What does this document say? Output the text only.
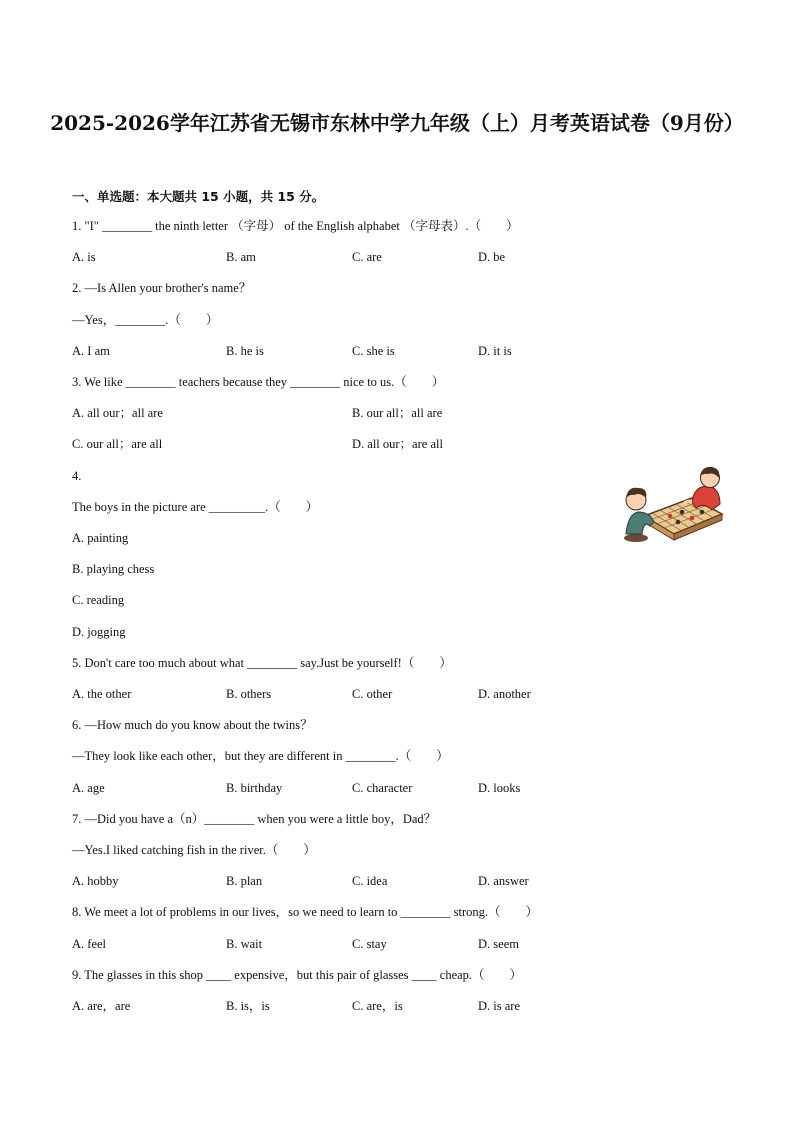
2025-2026学年江苏省无锡市东林中学九年级（上）月考英语试卷（9月份）
一、单选题：本大题共 15 小题，共 15 分。
1. "I" ________ the ninth letter （字母） of the English alphabet （字母表）.（　　）
A. is	B. am	C. are	D. be
2. —Is Allen your brother's name？
—Yes，________.（　　）
A. I am	B. he is	C. she is	D. it is
3. We like ________ teachers because they ________ nice to us.（　　）
A. all our；all are	B. our all；all are
C. our all；are all	D. all our；are all
4.
The boys in the picture are _________.（　　）
A. painting
B. playing chess
C. reading
D. jogging
5. Don't care too much about what ________ say.Just be yourself!（　　）
A. the other	B. others	C. other	D. another
6. —How much do you know about the twins？
—They look like each other，but they are different in ________.（　　）
A. age	B. birthday	C. character	D. looks
7. —Did you have a（n）________ when you were a little boy，Dad？
—Yes.I liked catching fish in the river.（　　）
A. hobby	B. plan	C. idea	D. answer
8. We meet a lot of problems in our lives，so we need to learn to ________ strong.（　　）
A. feel	B. wait	C. stay	D. seem
9. The glasses in this shop ____ expensive，but this pair of glasses ____ cheap.（　　）
A. are，are	B. is，is	C. are，is	D. is are
